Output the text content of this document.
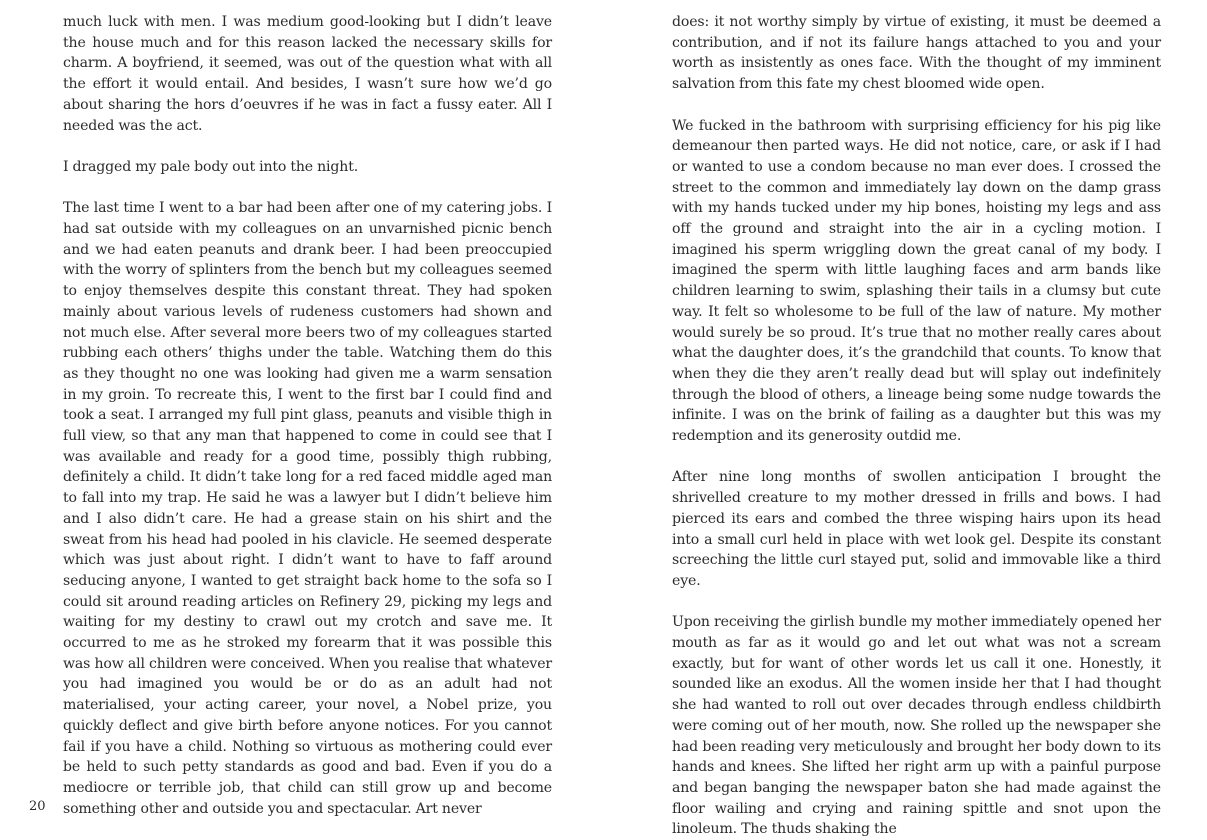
much luck with men. I was medium good-looking but I didn’t leave the house much and for this reason lacked the necessary skills for charm. A boyfriend, it seemed, was out of the question what with all the effort it would entail. And besides, I wasn’t sure how we’d go about sharing the hors d’oeuvres if he was in fact a fussy eater. All I needed was the act.

I dragged my pale body out into the night.

The last time I went to a bar had been after one of my catering jobs. I had sat outside with my colleagues on an unvarnished picnic bench and we had eaten peanuts and drank beer. I had been preoccupied with the worry of splinters from the bench but my colleagues seemed to enjoy themselves despite this constant threat. They had spoken mainly about various levels of rudeness customers had shown and not much else. After several more beers two of my colleagues started rubbing each others’ thighs under the table. Watching them do this as they thought no one was looking had given me a warm sensation in my groin. To recreate this, I went to the first bar I could find and took a seat. I arranged my full pint glass, peanuts and visible thigh in full view, so that any man that happened to come in could see that I was available and ready for a good time, possibly thigh rubbing, definitely a child. It didn’t take long for a red faced middle aged man to fall into my trap. He said he was a lawyer but I didn’t believe him and I also didn’t care. He had a grease stain on his shirt and the sweat from his head had pooled in his clavicle. He seemed desperate which was just about right. I didn’t want to have to faff around seducing anyone, I wanted to get straight back home to the sofa so I could sit around reading articles on Refinery 29, picking my legs and waiting for my destiny to crawl out my crotch and save me. It occurred to me as he stroked my forearm that it was possible this was how all children were conceived. When you realise that whatever you had imagined you would be or do as an adult had not materialised, your acting career, your novel, a Nobel prize, you quickly deflect and give birth before anyone notices. For you cannot fail if you have a child. Nothing so virtuous as mothering could ever be held to such petty standards as good and bad. Even if you do a mediocre or terrible job, that child can still grow up and become something other and outside you and spectacular. Art never

does: it not worthy simply by virtue of existing, it must be deemed a contribution, and if not its failure hangs attached to you and your worth as insistently as ones face. With the thought of my imminent salvation from this fate my chest bloomed wide open.

We fucked in the bathroom with surprising efficiency for his pig like demeanour then parted ways. He did not notice, care, or ask if I had or wanted to use a condom because no man ever does. I crossed the street to the common and immediately lay down on the damp grass with my hands tucked under my hip bones, hoisting my legs and ass off the ground and straight into the air in a cycling motion. I imagined his sperm wriggling down the great canal of my body. I imagined the sperm with little laughing faces and arm bands like children learning to swim, splashing their tails in a clumsy but cute way. It felt so wholesome to be full of the law of nature. My mother would surely be so proud. It’s true that no mother really cares about what the daughter does, it’s the grandchild that counts. To know that when they die they aren’t really dead but will splay out indefinitely through the blood of others, a lineage being some nudge towards the infinite. I was on the brink of failing as a daughter but this was my redemption and its generosity outdid me.

After nine long months of swollen anticipation I brought the shrivelled creature to my mother dressed in frills and bows. I had pierced its ears and combed the three wisping hairs upon its head into a small curl held in place with wet look gel. Despite its constant screeching the little curl stayed put, solid and immovable like a third eye.

Upon receiving the girlish bundle my mother immediately opened her mouth as far as it would go and let out what was not a scream exactly, but for want of other words let us call it one. Honestly, it sounded like an exodus. All the women inside her that I had thought she had wanted to roll out over decades through endless childbirth were coming out of her mouth, now. She rolled up the newspaper she had been reading very meticulously and brought her body down to its hands and knees. She lifted her right arm up with a painful purpose and began banging the newspaper baton she had made against the floor wailing and crying and raining spittle and snot upon the linoleum. The thuds shaking the

20
